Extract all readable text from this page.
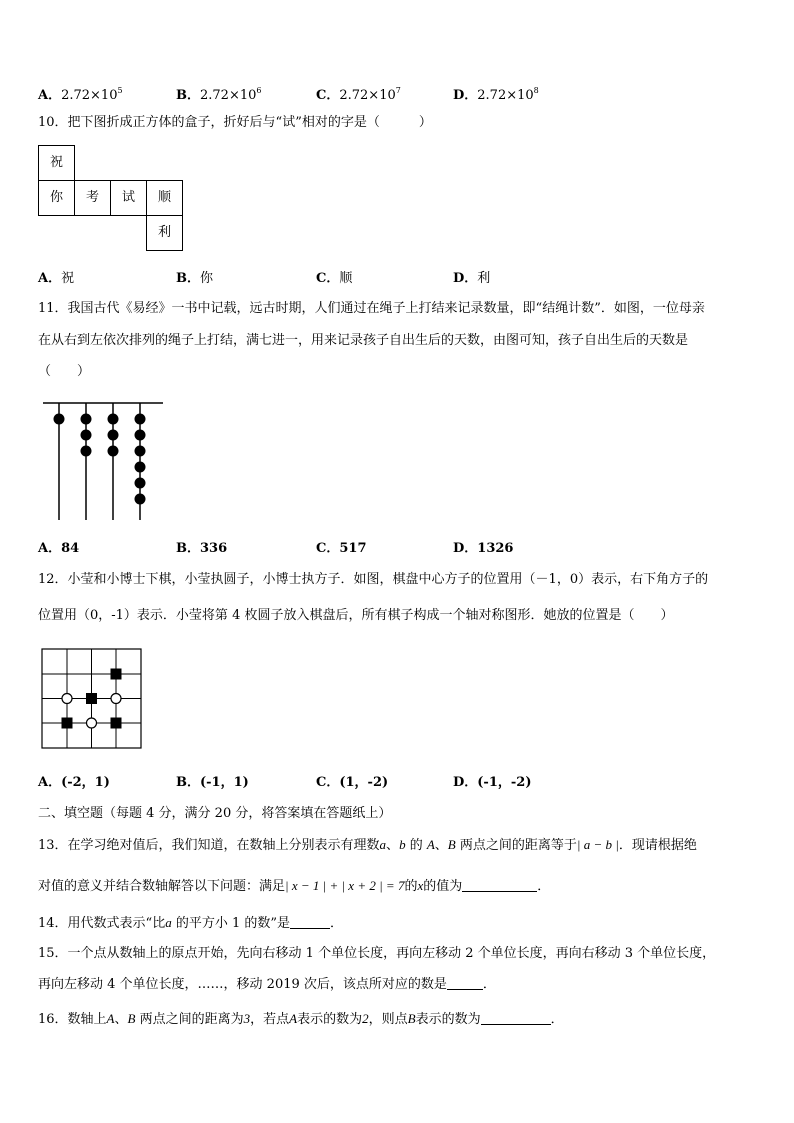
A．$2.72\times 10^5$	B．$2.72\times 10^6$	C．$2.72\times 10^7$	D．$2.72\times 10^8$
10．把下图折成正方体的盒子，折好后与“试”相对的字是（　　　）
祝
你	考	试	顺
利
A．祝	B．你	C．顺	D．利
11．我国古代《易经》一书中记载，远古时期，人们通过在绳子上打结来记录数量，即“结绳计数”．如图，一位母亲
在从右到左依次排列的绳子上打结，满七进一，用来记录孩子自出生后的天数，由图可知，孩子自出生后的天数是
（　　）
A．84	B．336	C．517	D．1326
12．小莹和小博士下棋，小莹执圆子，小博士执方子．如图，棋盘中心方子的位置用（－1，0）表示，右下角方子的
位置用（0，-1）表示．小莹将第 4 枚圆子放入棋盘后，所有棋子构成一个轴对称图形．她放的位置是（　　）
A．(-2，1)	B．(-1，1)	C．(1，-2)	D．(-1，-2)
二、填空题（每题 4 分，满分 20 分，将答案填在答题纸上）
13．在学习绝对值后，我们知道，在数轴上分别表示有理数a、b 的 A、B 两点之间的距离等于| a − b |．现请根据绝
对值的意义并结合数轴解答以下问题：满足| x − 1 | + | x + 2 | = 7的x的值为	．
14．用代数式表示“比a 的平方小 1 的数”是	．
15．一个点从数轴上的原点开始，先向右移动 1 个单位长度，再向左移动 2 个单位长度，再向右移动 3 个单位长度，
再向左移动 4 个单位长度，……，移动 2019 次后，该点所对应的数是	．
16．数轴上A、B 两点之间的距离为3，若点A表示的数为2，则点B表示的数为	．
